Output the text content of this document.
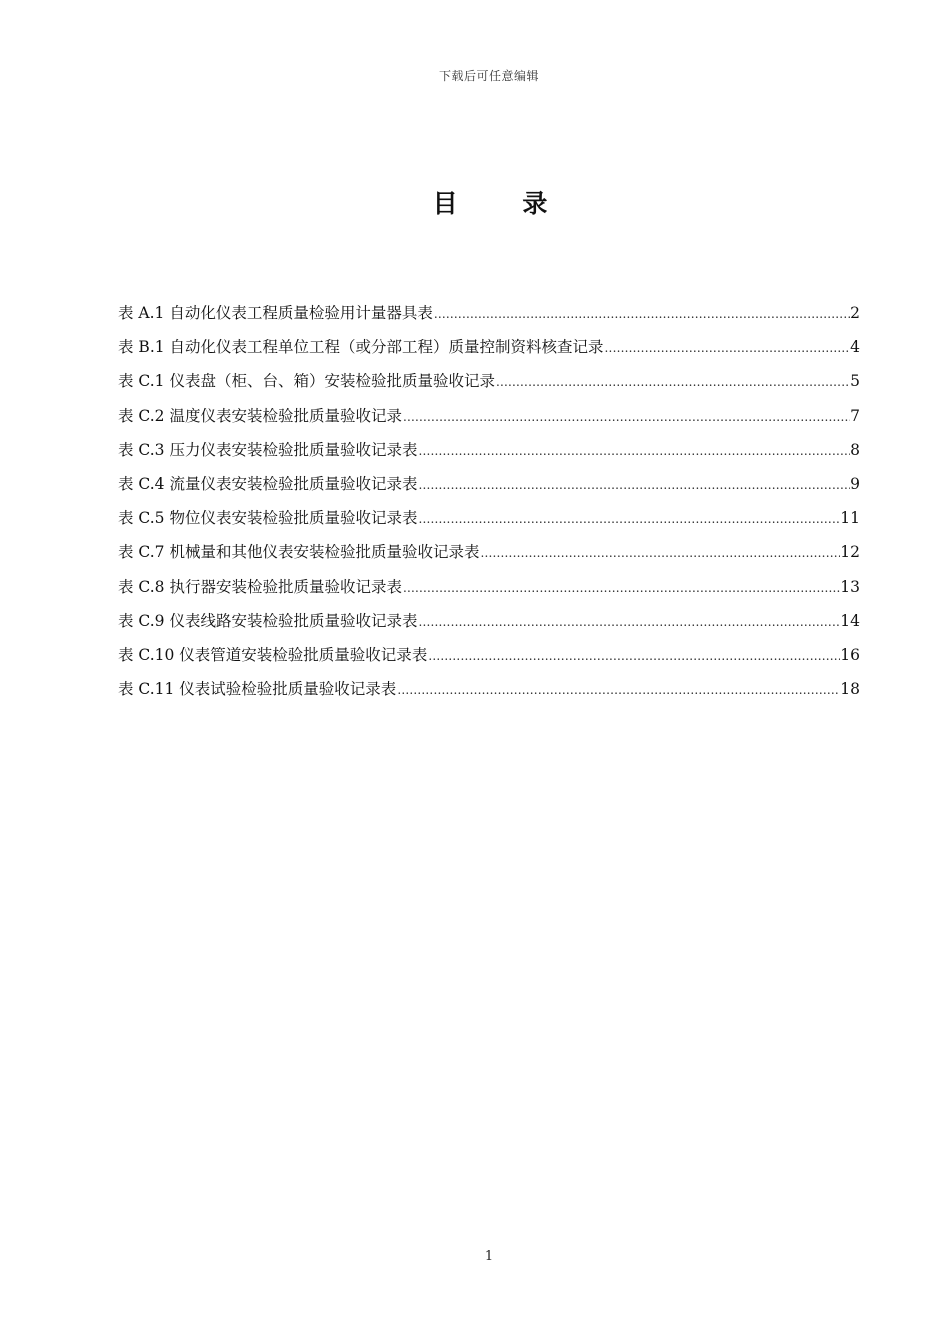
下载后可任意编辑
目 录
表 A.1 自动化仪表工程质量检验用计量器具表 .....	2
表 B.1 自动化仪表工程单位工程（或分部工程）质量控制资料核查记录 .....	4
表 C.1 仪表盘（柜、台、箱）安装检验批质量验收记录 .....	5
表 C.2 温度仪表安装检验批质量验收记录 .....	7
表 C.3 压力仪表安装检验批质量验收记录表 .....	8
表 C.4 流量仪表安装检验批质量验收记录表 .....	9
表 C.5 物位仪表安装检验批质量验收记录表 .....	11
表 C.7 机械量和其他仪表安装检验批质量验收记录表 .....	12
表 C.8 执行器安装检验批质量验收记录表 .....	13
表 C.9 仪表线路安装检验批质量验收记录表 .....	14
表 C.10 仪表管道安装检验批质量验收记录表 .....	16
表 C.11 仪表试验检验批质量验收记录表 .....	18
1
